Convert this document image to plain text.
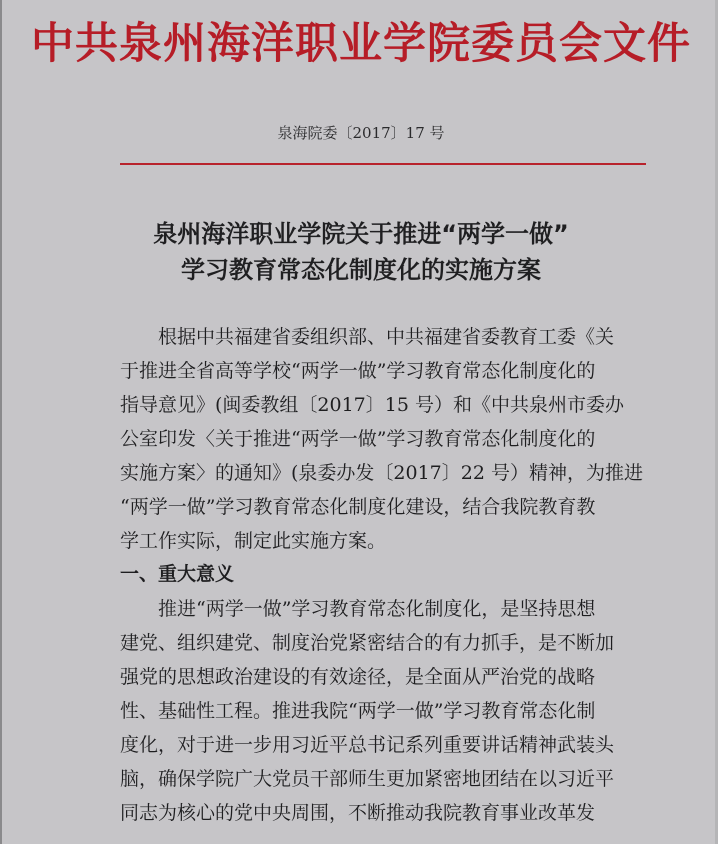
中共泉州海洋职业学院委员会文件
泉海院委〔2017〕17 号
泉州海洋职业学院关于推进“两学一做”
学习教育常态化制度化的实施方案
根据中共福建省委组织部、中共福建省委教育工委《关
于推进全省高等学校“两学一做”学习教育常态化制度化的
指导意见》(闽委教组〔2017〕15 号）和《中共泉州市委办
公室印发〈关于推进“两学一做”学习教育常态化制度化的
实施方案〉的通知》(泉委办发〔2017〕22 号）精神，为推进
“两学一做”学习教育常态化制度化建设，结合我院教育教
学工作实际，制定此实施方案。
一、重大意义
推进“两学一做”学习教育常态化制度化，是坚持思想
建党、组织建党、制度治党紧密结合的有力抓手，是不断加
强党的思想政治建设的有效途径，是全面从严治党的战略
性、基础性工程。推进我院“两学一做”学习教育常态化制
度化，对于进一步用习近平总书记系列重要讲话精神武装头
脑，确保学院广大党员干部师生更加紧密地团结在以习近平
同志为核心的党中央周围，不断推动我院教育事业改革发
